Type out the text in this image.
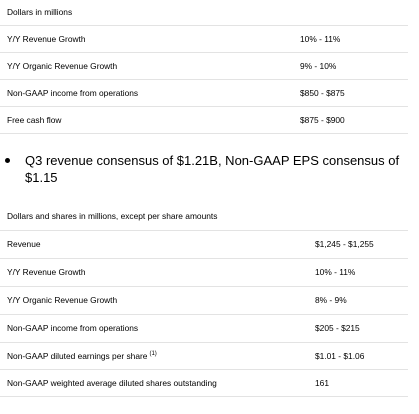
Dollars in millions	
Y/Y Revenue Growth	10% - 11%
Y/Y Organic Revenue Growth	9% - 10%
Non-GAAP income from operations	$850 - $875
Free cash flow	$875 - $900
Q3 revenue consensus of $1.21B, Non-GAAP EPS consensus of $1.15
Dollars and shares in millions, except per share amounts	
Revenue	$1,245 - $1,255
Y/Y Revenue Growth	10% - 11%
Y/Y Organic Revenue Growth	8% - 9%
Non-GAAP income from operations	$205 - $215
Non-GAAP diluted earnings per share $^{(1)}$	$1.01 - $1.06
Non-GAAP weighted average diluted shares outstanding	161
